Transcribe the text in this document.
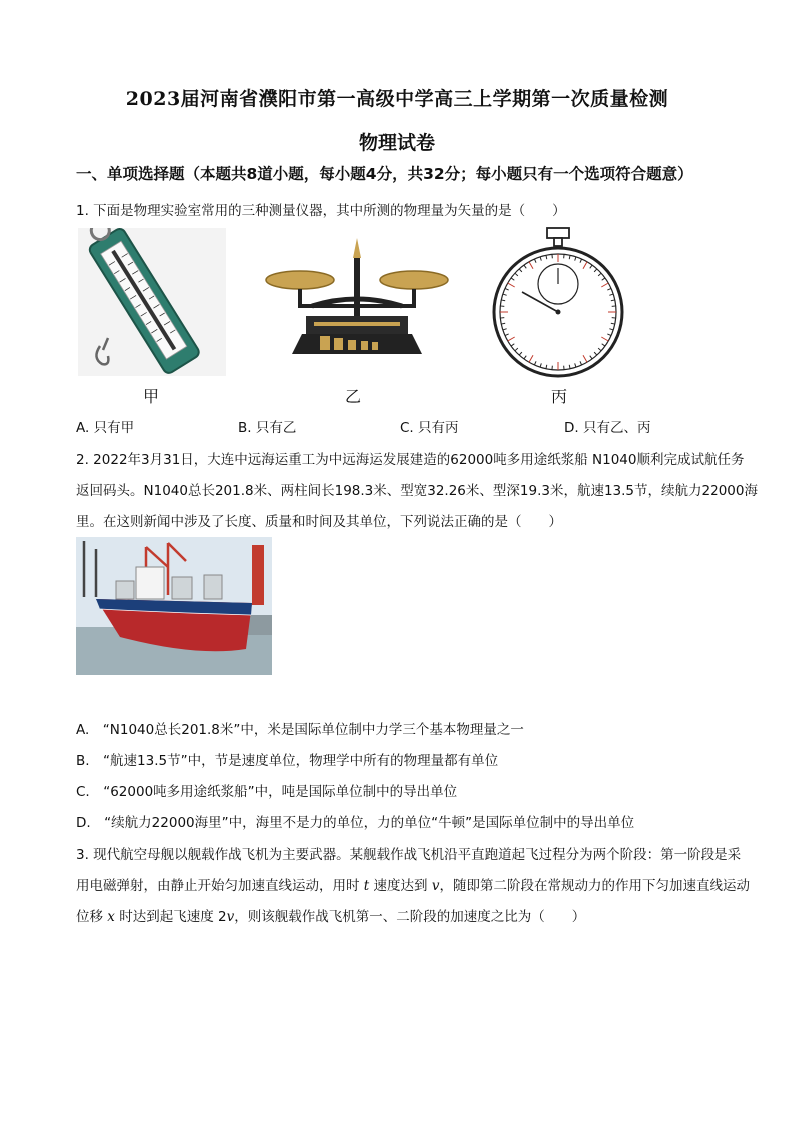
2023届河南省濮阳市第一高级中学高三上学期第一次质量检测
物理试卷
一、单项选择题（本题共8道小题，每小题4分，共32分；每小题只有一个选项符合题意）
1. 下面是物理实验室常用的三种测量仪器，其中所测的物理量为矢量的是（　　）
甲	乙	丙
A. 只有甲	B. 只有乙	C. 只有丙	D. 只有乙、丙
2. 2022年3月31日，大连中远海运重工为中远海运发展建造的62000吨多用途纸浆船 N1040顺利完成试航任务
返回码头。N1040总长201.8米、两柱间长198.3米、型宽32.26米、型深19.3米，航速13.5节，续航力22000海
里。在这则新闻中涉及了长度、质量和时间及其单位，下列说法正确的是（　　）
A.　“N1040总长201.8米”中，米是国际单位制中力学三个基本物理量之一
B.　“航速13.5节”中，节是速度单位，物理学中所有的物理量都有单位
C.　“62000吨多用途纸浆船”中，吨是国际单位制中的导出单位
D.　“续航力22000海里”中，海里不是力的单位，力的单位“牛顿”是国际单位制中的导出单位
3. 现代航空母舰以舰载作战飞机为主要武器。某舰载作战飞机沿平直跑道起飞过程分为两个阶段：第一阶段是采
用电磁弹射，由静止开始匀加速直线运动，用时 t 速度达到 v，随即第二阶段在常规动力的作用下匀加速直线运动
位移 x 时达到起飞速度 2v，则该舰载作战飞机第一、二阶段的加速度之比为（　　）
